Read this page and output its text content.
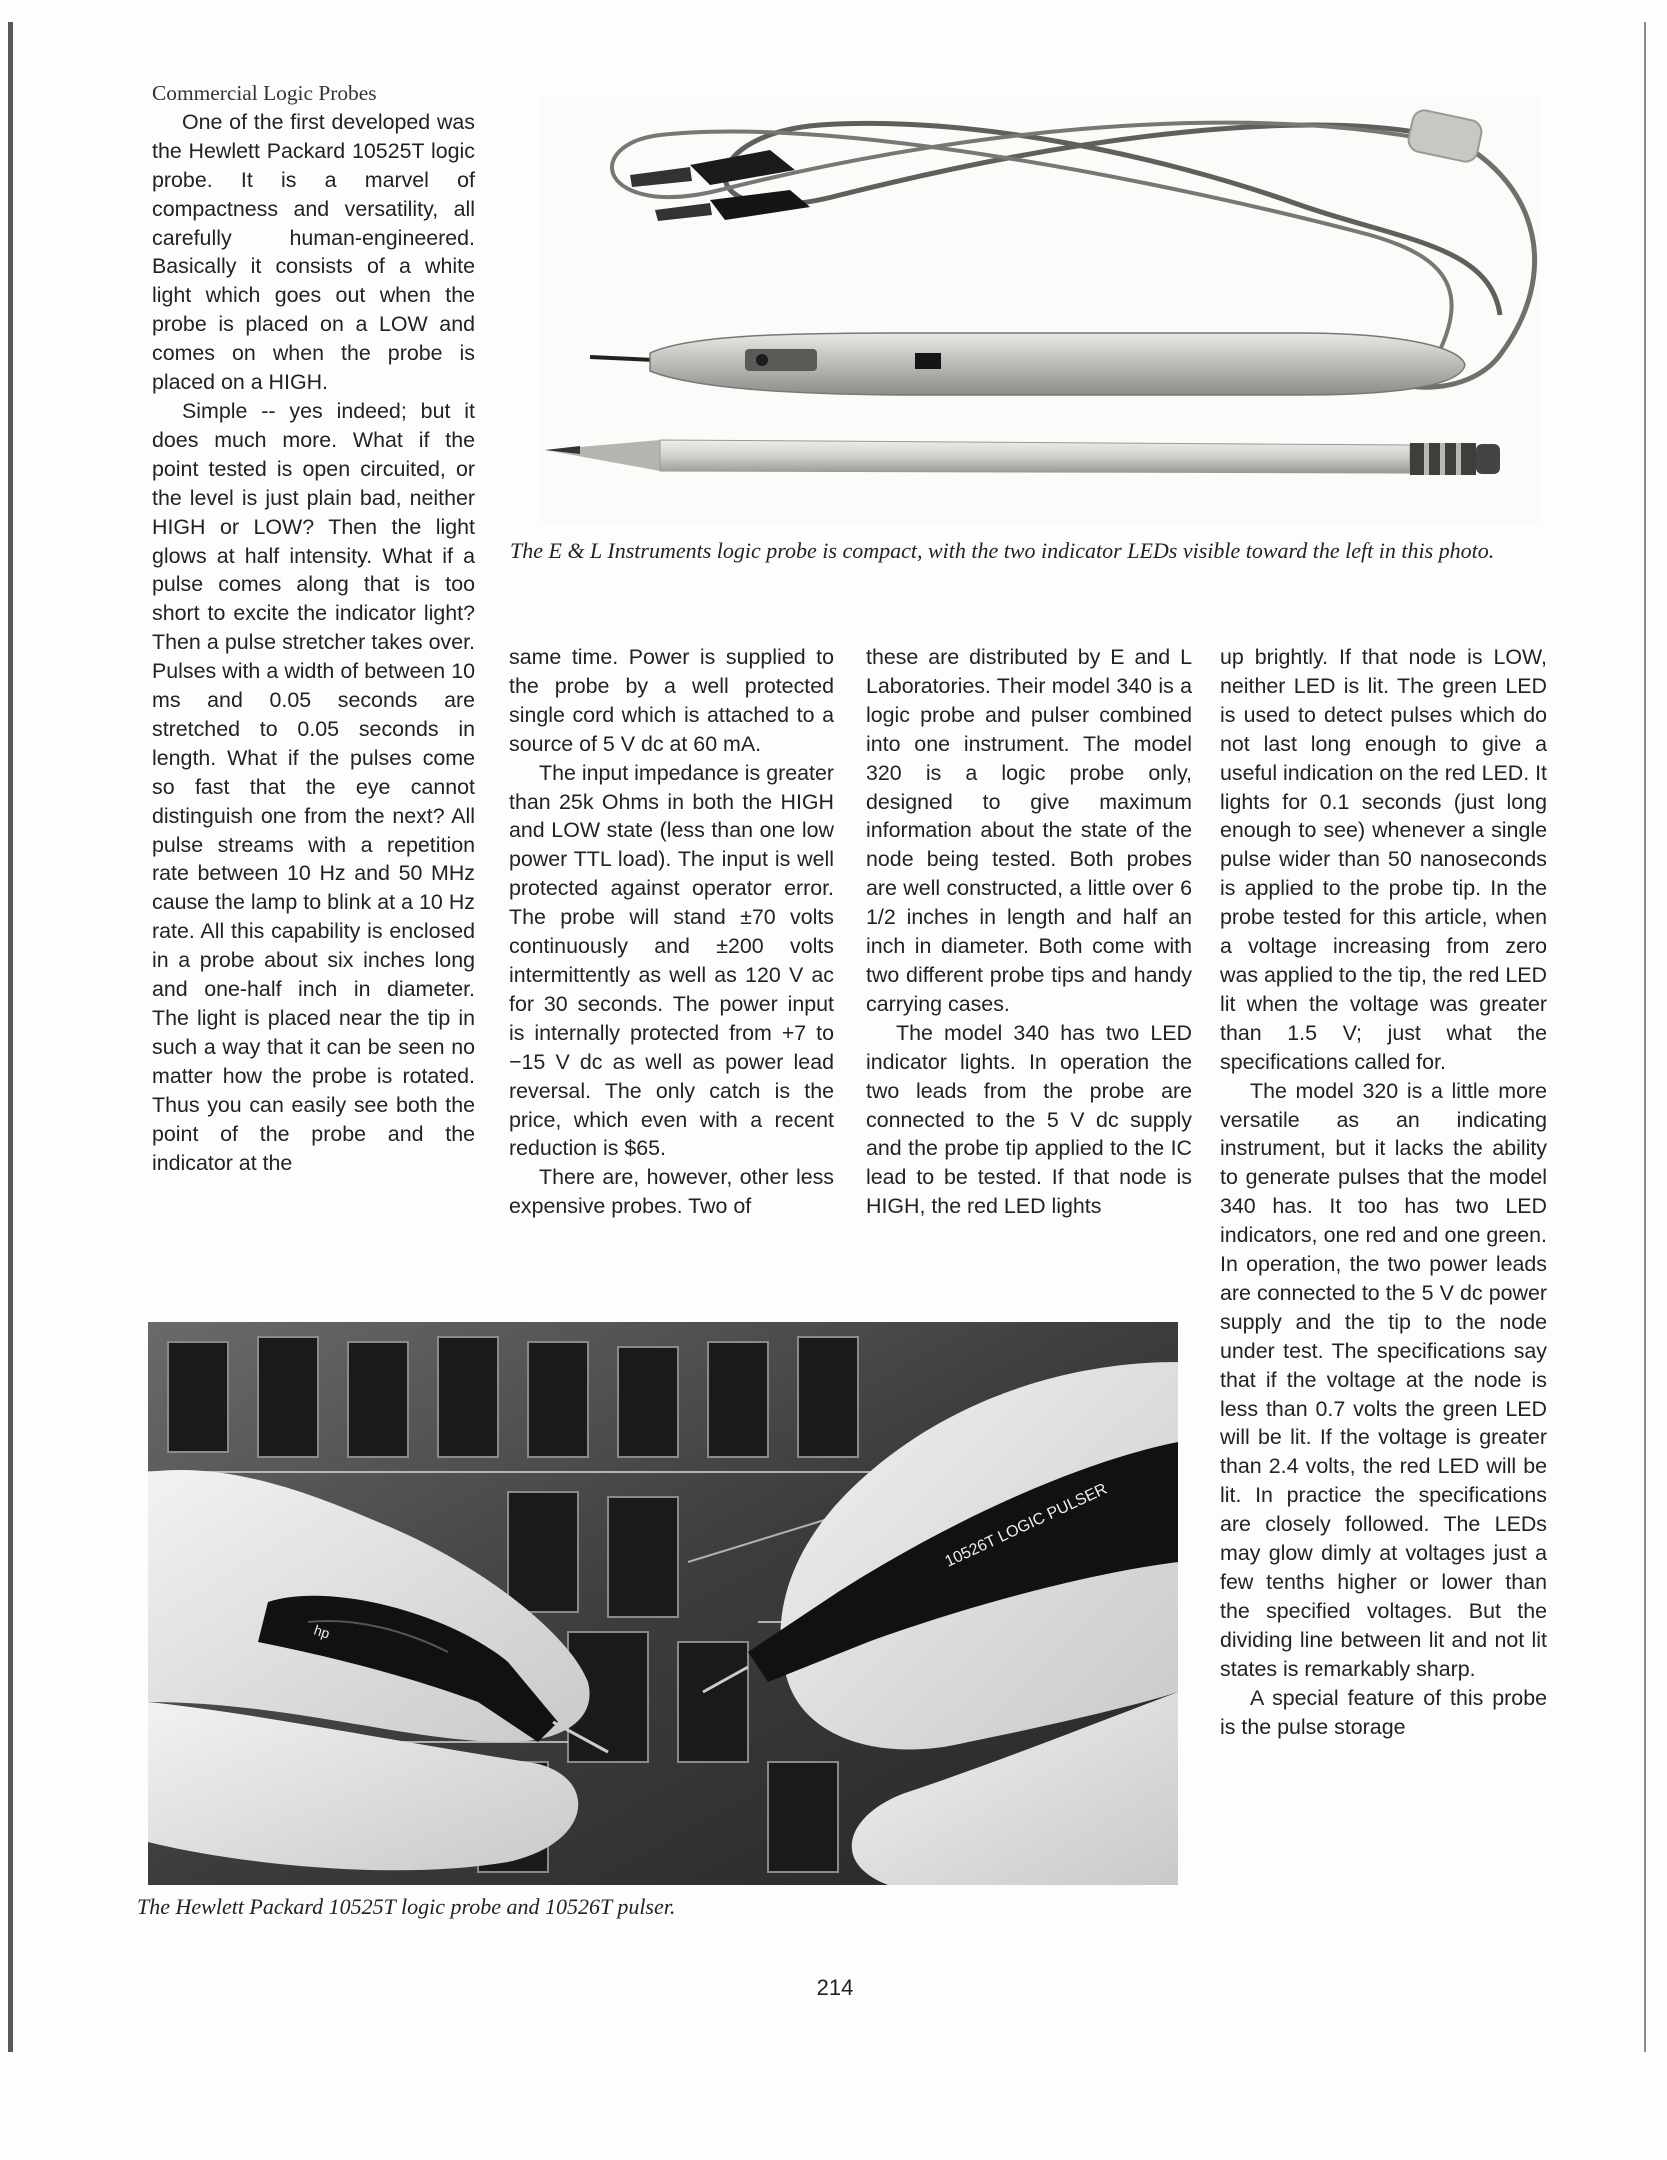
Commercial Logic Probes

One of the first developed was the Hewlett Packard 10525T logic probe. It is a marvel of compactness and versatility, all carefully human-engineered. Basically it consists of a white light which goes out when the probe is placed on a LOW and comes on when the probe is placed on a HIGH.

Simple -- yes indeed; but it does much more. What if the point tested is open circuited, or the level is just plain bad, neither HIGH or LOW? Then the light glows at half intensity. What if a pulse comes along that is too short to excite the indicator light? Then a pulse stretcher takes over. Pulses with a width of between 10 ms and 0.05 seconds are stretched to 0.05 seconds in length. What if the pulses come so fast that the eye cannot distinguish one from the next? All pulse streams with a repetition rate between 10 Hz and 50 MHz cause the lamp to blink at a 10 Hz rate. All this capability is enclosed in a probe about six inches long and one-half inch in diameter. The light is placed near the tip in such a way that it can be seen no matter how the probe is rotated. Thus you can easily see both the point of the probe and the indicator at the

The E & L Instruments logic probe is compact, with the two indicator LEDs visible toward the left in this photo.

same time. Power is supplied to the probe by a well protected single cord which is attached to a source of 5 V dc at 60 mA.

The input impedance is greater than 25k Ohms in both the HIGH and LOW state (less than one low power TTL load). The input is well protected against operator error. The probe will stand ±70 volts continuously and ±200 volts intermittently as well as 120 V ac for 30 seconds. The power input is internally protected from +7 to −15 V dc as well as power lead reversal. The only catch is the price, which even with a recent reduction is $65.

There are, however, other less expensive probes. Two of

these are distributed by E and L Laboratories. Their model 340 is a logic probe and pulser combined into one instrument. The model 320 is a logic probe only, designed to give maximum information about the state of the node being tested. Both probes are well constructed, a little over 6 1/2 inches in length and half an inch in diameter. Both come with two different probe tips and handy carrying cases.

The model 340 has two LED indicator lights. In operation the two leads from the probe are connected to the 5 V dc supply and the probe tip applied to the IC lead to be tested. If that node is HIGH, the red LED lights

up brightly. If that node is LOW, neither LED is lit. The green LED is used to detect pulses which do not last long enough to give a useful indication on the red LED. It lights for 0.1 seconds (just long enough to see) whenever a single pulse wider than 50 nanoseconds is applied to the probe tip. In the probe tested for this article, when a voltage increasing from zero was applied to the tip, the red LED lit when the voltage was greater than 1.5 V; just what the specifications called for.

The model 320 is a little more versatile as an indicating instrument, but it lacks the ability to generate pulses that the model 340 has. It too has two LED indicators, one red and one green. In operation, the two power leads are connected to the 5 V dc power supply and the tip to the node under test. The specifications say that if the voltage at the node is less than 0.7 volts the green LED will be lit. If the voltage is greater than 2.4 volts, the red LED will be lit. In practice the specifications are closely followed. The LEDs may glow dimly at voltages just a few tenths higher or lower than the specified voltages. But the dividing line between lit and not lit states is remarkably sharp.

A special feature of this probe is the pulse storage

hp
10526T LOGIC PULSER
The Hewlett Packard 10525T logic probe and 10526T pulser.
214
